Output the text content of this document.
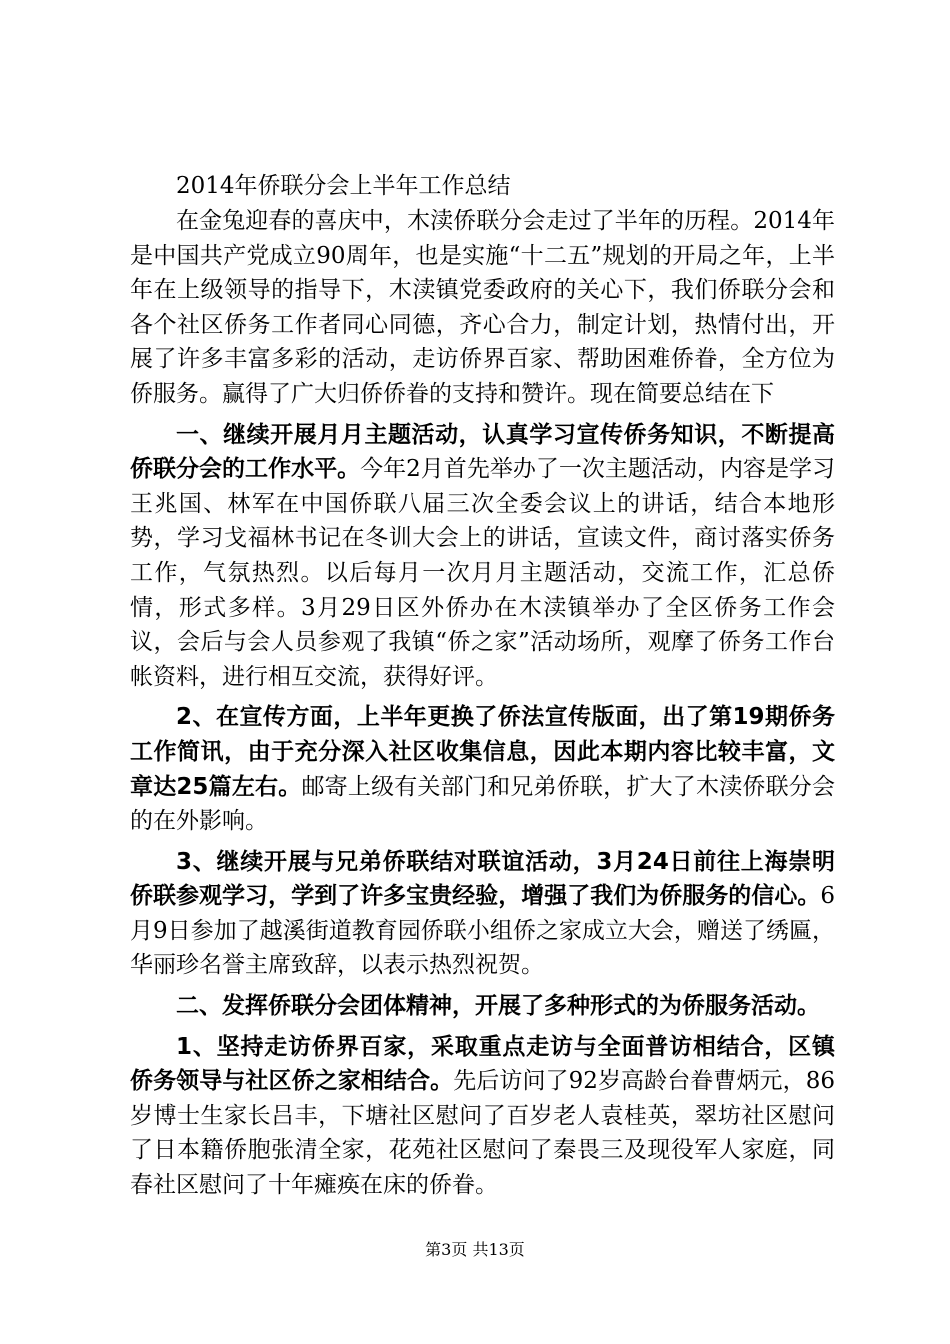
2014年侨联分会上半年工作总结

在金兔迎春的喜庆中，木渎侨联分会走过了半年的历程。2014年是中国共产党成立90周年，也是实施“十二五”规划的开局之年，上半年在上级领导的指导下，木渎镇党委政府的关心下，我们侨联分会和各个社区侨务工作者同心同德，齐心合力，制定计划，热情付出，开展了许多丰富多彩的活动，走访侨界百家、帮助困难侨眷，全方位为侨服务。赢得了广大归侨侨眷的支持和赞许。现在简要总结在下

一、继续开展月月主题活动，认真学习宣传侨务知识，不断提高侨联分会的工作水平。今年2月首先举办了一次主题活动，内容是学习王兆国、林军在中国侨联八届三次全委会议上的讲话，结合本地形势，学习戈福林书记在冬训大会上的讲话，宣读文件，商讨落实侨务工作，气氛热烈。以后每月一次月月主题活动，交流工作，汇总侨情，形式多样。3月29日区外侨办在木渎镇举办了全区侨务工作会议，会后与会人员参观了我镇“侨之家”活动场所，观摩了侨务工作台帐资料，进行相互交流，获得好评。

2、在宣传方面，上半年更换了侨法宣传版面，出了第19期侨务工作简讯，由于充分深入社区收集信息，因此本期内容比较丰富，文章达25篇左右。邮寄上级有关部门和兄弟侨联，扩大了木渎侨联分会的在外影响。

3、继续开展与兄弟侨联结对联谊活动，3月24日前往上海崇明侨联参观学习，学到了许多宝贵经验，增强了我们为侨服务的信心。6月9日参加了越溪街道教育园侨联小组侨之家成立大会，赠送了绣匾，华丽珍名誉主席致辞，以表示热烈祝贺。

二、发挥侨联分会团体精神，开展了多种形式的为侨服务活动。

1、坚持走访侨界百家，采取重点走访与全面普访相结合，区镇侨务领导与社区侨之家相结合。先后访问了92岁高龄台眷曹炳元，86岁博士生家长吕丰，下塘社区慰问了百岁老人袁桂英，翠坊社区慰问了日本籍侨胞张清全家，花苑社区慰问了秦畏三及现役军人家庭，同春社区慰问了十年瘫痪在床的侨眷。

第3页 共13页
